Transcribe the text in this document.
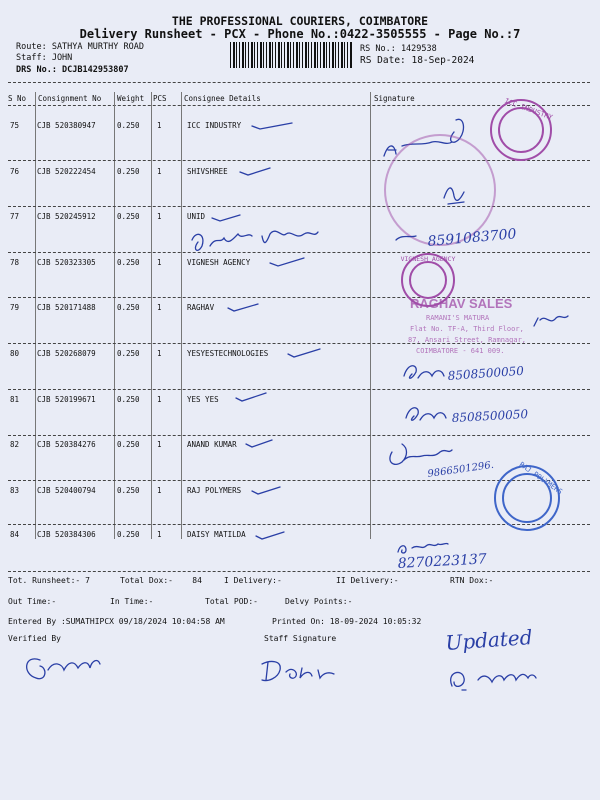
THE PROFESSIONAL COURIERS, COIMBATORE
Delivery Runsheet - PCX - Phone No.:0422-3505555 - Page No.:7
Route: SATHYA MURTHY ROAD
Staff: JOHN
DRS No.: DCJB142953807
RS No.: 1429538
RS Date: 18-Sep-2024
S No Consignment No Weight PCS Consignee Details	Signature
75 CJB 520380947	0.250 1	ICC INDUSTRY
76 CJB 520222454	0.250 1	SHIVSHREE
77 CJB 520245912	0.250 1	UNID
78 CJB 520323305	0.250 1	VIGNESH AGENCY
79 CJB 520171488	0.250 1	RAGHAV
80 CJB 520268079	0.250 1	YESYESTECHNOLOGIES
81 CJB 520199671	0.250 1	YES YES
82 CJB 520384276	0.250 1	ANAND KUMAR
83 CJB 520400794	0.250 1	RAJ POLYMERS
84 CJB 520384306	0.250 1	DAISY MATILDA
Tot. Runsheet:- 7	Total Dox:-    84	I Delivery:-	II Delivery:-	RTN Dox:-
Out Time:-	In Time:-	Total POD:-	Delvy Points:-
Entered By :SUMATHIPCX 09/18/2024 10:04:58 AM	Printed On: 18-09-2024 10:05:32
Verified By	Staff Signature
ICC INDUSTRY
8591083700
VIGNESH AGENCY
RAGHAV SALES
RAMANI'S MATURA
Flat No. TF-A, Third Floor,
87, Ansari Street, Ramnagar,
COIMBATORE - 641 009.
8508500050
8508500050
9866501296.	RAJ POLYMERS
8270223137
Updated
